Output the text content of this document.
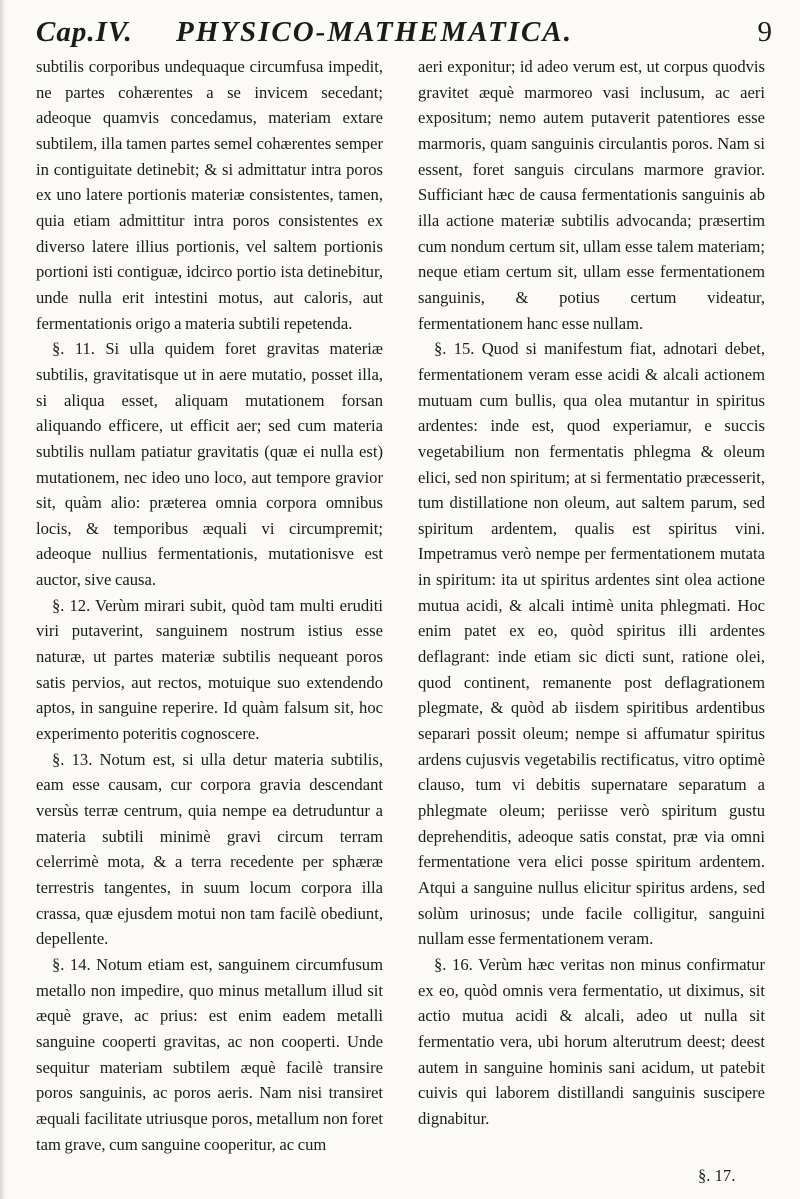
Cap.IV. PHYSICO-MATHEMATICA.	9

subtilis corporibus undequaque circumfusa impedit, ne partes cohærentes a se invicem secedant; adeoque quamvis concedamus, materiam extare subtilem, illa tamen partes semel cohærentes semper in contiguitate detinebit; & si admittatur intra poros ex uno latere portionis materiæ consistentes, tamen, quia etiam admittitur intra poros consistentes ex diverso latere illius portionis, vel saltem portionis portioni isti contiguæ, idcirco portio ista detinebitur, unde nulla erit intestini motus, aut caloris, aut fermentationis origo a materia subtili repetenda.

§. 11. Si ulla quidem foret gravitas materiæ subtilis, gravitatisque ut in aere mutatio, posset illa, si aliqua esset, aliquam mutationem forsan aliquando efficere, ut efficit aer; sed cum materia subtilis nullam patiatur gravitatis (quæ ei nulla est) mutationem, nec ideo uno loco, aut tempore gravior sit, quàm alio: præterea omnia corpora omnibus locis, & temporibus æquali vi circumpremit; adeoque nullius fermentationis, mutationisve est auctor, sive causa.

§. 12. Verùm mirari subit, quòd tam multi eruditi viri putaverint, sanguinem nostrum istius esse naturæ, ut partes materiæ subtilis nequeant poros satis pervios, aut rectos, motuique suo extendendo aptos, in sanguine reperire. Id quàm falsum sit, hoc experimento poteritis cognoscere.

§. 13. Notum est, si ulla detur materia subtilis, eam esse causam, cur corpora gravia descendant versùs terræ centrum, quia nempe ea detruduntur a materia subtili minimè gravi circum terram celerrimè mota, & a terra recedente per sphæræ terrestris tangentes, in suum locum corpora illa crassa, quæ ejusdem motui non tam facilè obediunt, depellente.

§. 14. Notum etiam est, sanguinem circumfusum metallo non impedire, quo minus metallum illud sit æquè grave, ac prius: est enim eadem metalli sanguine cooperti gravitas, ac non cooperti. Unde sequitur materiam subtilem æquè facilè transire poros sanguinis, ac poros aeris. Nam nisi transiret æquali facilitate utriusque poros, metallum non foret tam grave, cum sanguine cooperitur, ac cum

aeri exponitur; id adeo verum est, ut corpus quodvis gravitet æquè marmoreo vasi inclusum, ac aeri expositum; nemo autem putaverit patentiores esse marmoris, quam sanguinis circulantis poros. Nam si essent, foret sanguis circulans marmore gravior. Sufficiant hæc de causa fermentationis sanguinis ab illa actione materiæ subtilis advocanda; præsertim cum nondum certum sit, ullam esse talem materiam; neque etiam certum sit, ullam esse fermentationem sanguinis, & potius certum videatur, fermentationem hanc esse nullam.

§. 15. Quod si manifestum fiat, adnotari debet, fermentationem veram esse acidi & alcali actionem mutuam cum bullis, qua olea mutantur in spiritus ardentes: inde est, quod experiamur, e succis vegetabilium non fermentatis phlegma & oleum elici, sed non spiritum; at si fermentatio præcesserit, tum distillatione non oleum, aut saltem parum, sed spiritum ardentem, qualis est spiritus vini. Impetramus verò nempe per fermentationem mutata in spiritum: ita ut spiritus ardentes sint olea actione mutua acidi, & alcali intimè unita phlegmati. Hoc enim patet ex eo, quòd spiritus illi ardentes deflagrant: inde etiam sic dicti sunt, ratione olei, quod continent, remanente post deflagrationem plegmate, & quòd ab iisdem spiritibus ardentibus separari possit oleum; nempe si affumatur spiritus ardens cujusvis vegetabilis rectificatus, vitro optimè clauso, tum vi debitis supernatare separatum a phlegmate oleum; periisse verò spiritum gustu deprehenditis, adeoque satis constat, præ via omni fermentatione vera elici posse spiritum ardentem. Atqui a sanguine nullus elicitur spiritus ardens, sed solùm urinosus; unde facile colligitur, sanguini nullam esse fermentationem veram.

§. 16. Verùm hæc veritas non minus confirmatur ex eo, quòd omnis vera fermentatio, ut diximus, sit actio mutua acidi & alcali, adeo ut nulla sit fermentatio vera, ubi horum alterutrum deest; deest autem in sanguine hominis sani acidum, ut patebit cuivis qui laborem distillandi sanguinis suscipere dignabitur.

§. 17.
